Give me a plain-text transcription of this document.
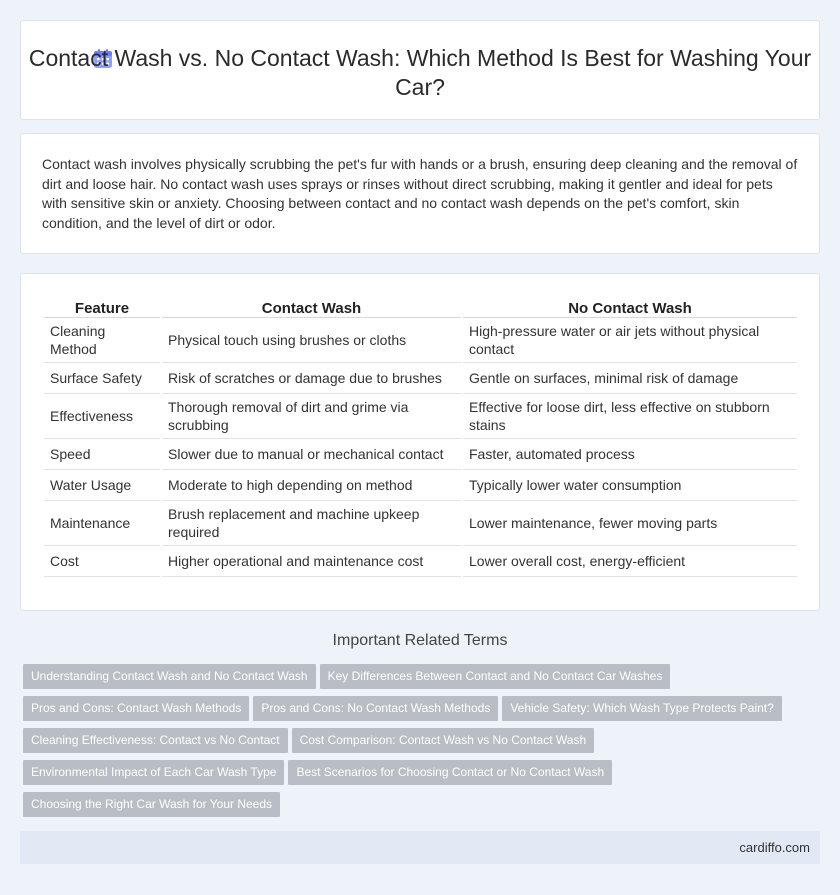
Contact Wash vs. No Contact Wash: Which Method Is Best for Washing Your Car?

Contact wash involves physically scrubbing the pet's fur with hands or a brush, ensuring deep cleaning and the removal of dirt and loose hair. No contact wash uses sprays or rinses without direct scrubbing, making it gentler and ideal for pets with sensitive skin or anxiety. Choosing between contact and no contact wash depends on the pet's comfort, skin condition, and the level of dirt or odor.

Feature	Contact Wash	No Contact Wash
Cleaning Method	Physical touch using brushes or cloths	High-pressure water or air jets without physical contact
Surface Safety	Risk of scratches or damage due to brushes	Gentle on surfaces, minimal risk of damage
Effectiveness	Thorough removal of dirt and grime via scrubbing	Effective for loose dirt, less effective on stubborn stains
Speed	Slower due to manual or mechanical contact	Faster, automated process
Water Usage	Moderate to high depending on method	Typically lower water consumption
Maintenance	Brush replacement and machine upkeep required	Lower maintenance, fewer moving parts
Cost	Higher operational and maintenance cost	Lower overall cost, energy-efficient
Important Related Terms
Understanding Contact Wash and No Contact Wash Key Differences Between Contact and No Contact Car Washes
Pros and Cons: Contact Wash Methods Pros and Cons: No Contact Wash Methods Vehicle Safety: Which Wash Type Protects Paint?
Cleaning Effectiveness: Contact vs No Contact Cost Comparison: Contact Wash vs No Contact Wash
Environmental Impact of Each Car Wash Type Best Scenarios for Choosing Contact or No Contact Wash
Choosing the Right Car Wash for Your Needs
cardiffo.com
